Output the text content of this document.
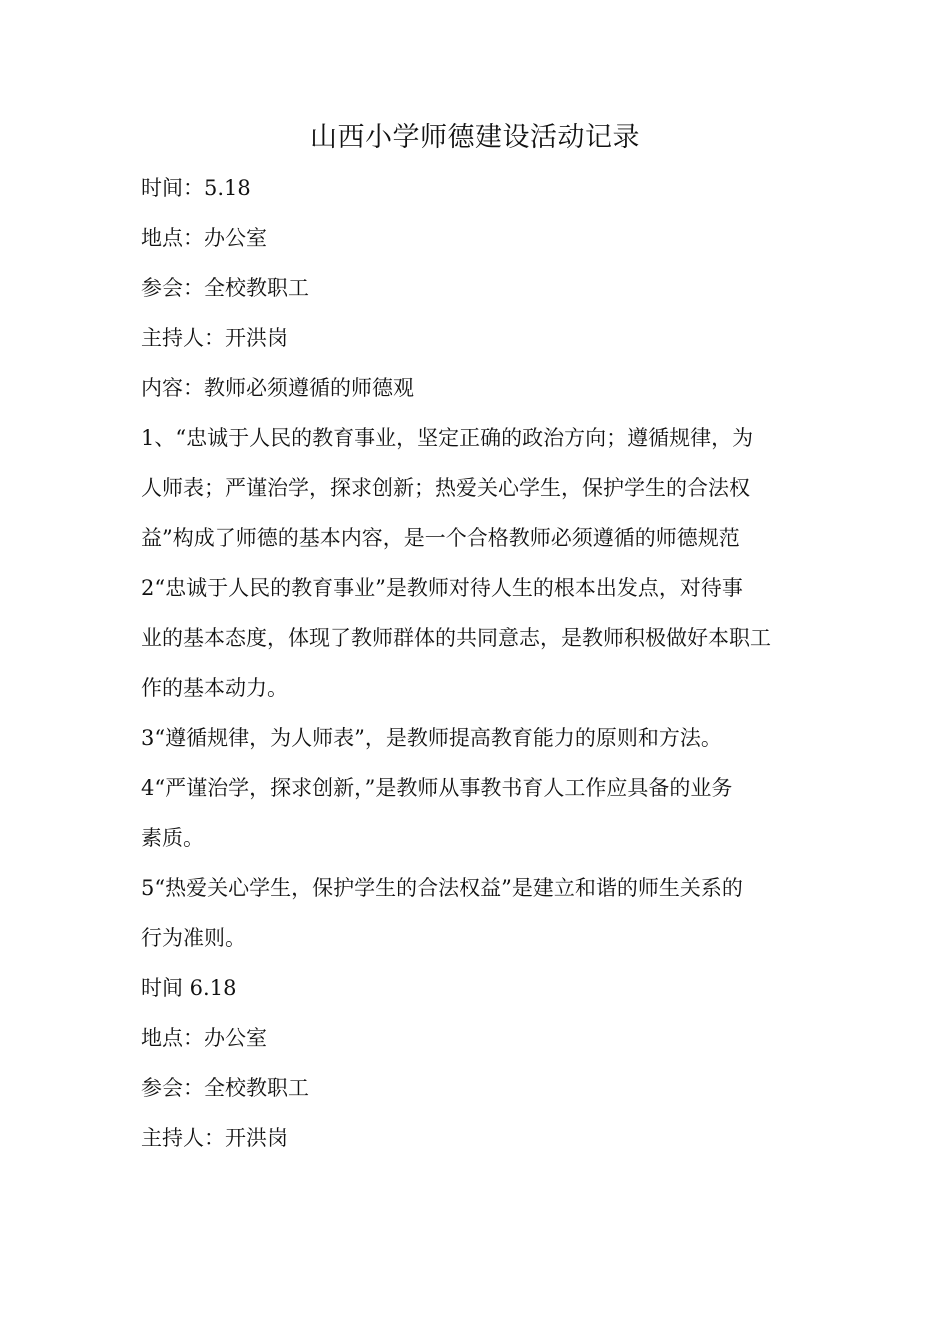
山西小学师德建设活动记录
时间：5.18
地点：办公室
参会：全校教职工
主持人：开洪岗
内容：教师必须遵循的师德观
1、“忠诚于人民的教育事业，坚定正确的政治方向；遵循规律，为
人师表；严谨治学，探求创新；热爱关心学生，保护学生的合法权
益”构成了师德的基本内容，是一个合格教师必须遵循的师德规范
2“忠诚于人民的教育事业”是教师对待人生的根本出发点，对待事
业的基本态度，体现了教师群体的共同意志，是教师积极做好本职工
作的基本动力。
3“遵循规律，为人师表”，是教师提高教育能力的原则和方法。
4“严谨治学，探求创新，”是教师从事教书育人工作应具备的业务
素质。
5“热爱关心学生，保护学生的合法权益”是建立和谐的师生关系的
行为准则。
时间 6.18
地点：办公室
参会：全校教职工
主持人：开洪岗
